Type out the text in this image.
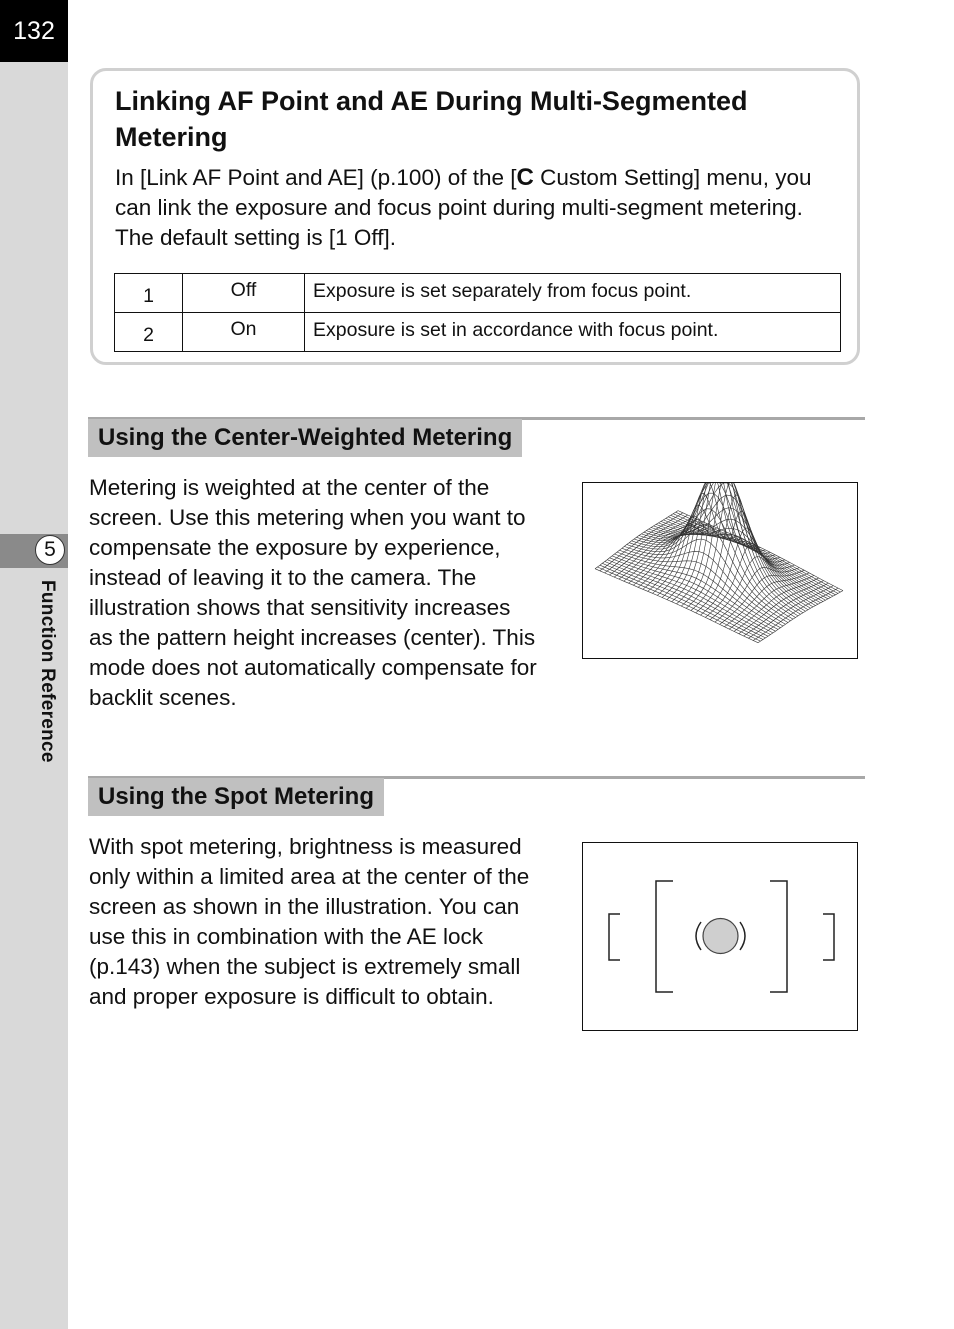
132
5
Function Reference
Linking AF Point and AE During Multi-Segmented Metering

In [Link AF Point and AE] (p.100) of the [C Custom Setting] menu, you can link the exposure and focus point during multi-segment metering. The default setting is [1 Off].

1	Off	Exposure is set separately from focus point.
2	On	Exposure is set in accordance with focus point.
Using the Center-Weighted Metering

Metering is weighted at the center of the screen. Use this metering when you want to compensate the exposure by experience, instead of leaving it to the camera. The illustration shows that sensitivity increases as the pattern height increases (center). This mode does not automatically compensate for backlit scenes.

Using the Spot Metering

With spot metering, brightness is measured only within a limited area at the center of the screen as shown in the illustration. You can use this in combination with the AE lock (p.143) when the subject is extremely small and proper exposure is difficult to obtain.
